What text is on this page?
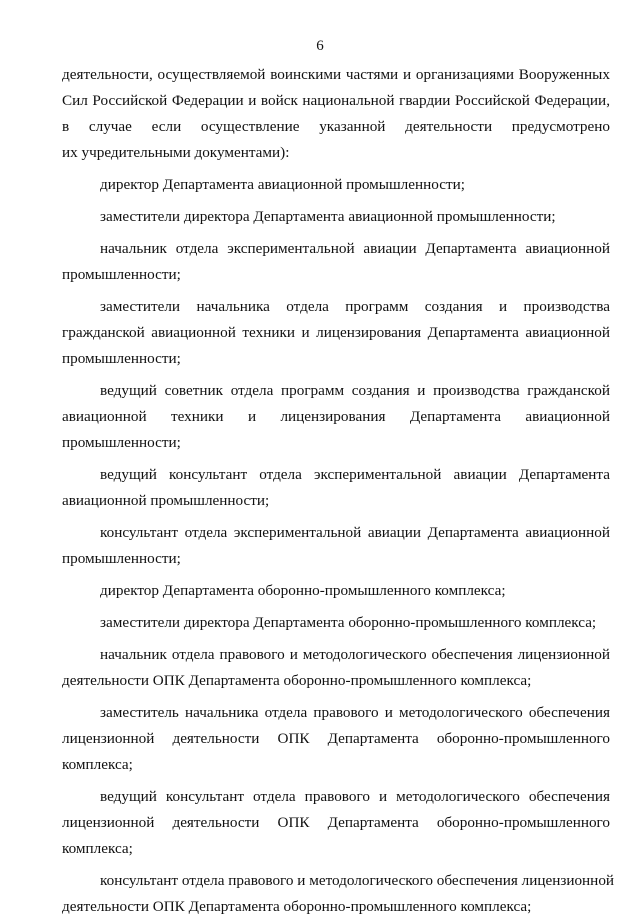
6
деятельности, осуществляемой воинскими частями и организациями Вооруженных
Сил Российской Федерации и войск национальной гвардии Российской Федерации,
в случае если осуществление указанной деятельности предусмотрено
их учредительными документами):
директор Департамента авиационной промышленности;
заместители директора Департамента авиационной промышленности;
начальник отдела экспериментальной авиации Департамента авиационной
промышленности;
заместители начальника отдела программ создания и производства
гражданской авиационной техники и лицензирования Департамента авиационной
промышленности;
ведущий советник отдела программ создания и производства гражданской
авиационной техники и лицензирования Департамента авиационной
промышленности;
ведущий консультант отдела экспериментальной авиации Департамента
авиационной промышленности;
консультант отдела экспериментальной авиации Департамента авиационной
промышленности;
директор Департамента оборонно-промышленного комплекса;
заместители директора Департамента оборонно-промышленного комплекса;
начальник отдела правового и методологического обеспечения лицензионной
деятельности ОПК Департамента оборонно-промышленного комплекса;
заместитель начальника отдела правового и методологического обеспечения
лицензионной деятельности ОПК Департамента оборонно-промышленного
комплекса;
ведущий консультант отдела правового и методологического обеспечения
лицензионной деятельности ОПК Департамента оборонно-промышленного
комплекса;
консультант отдела правового и методологического обеспечения лицензионной
деятельности ОПК Департамента оборонно-промышленного комплекса;
